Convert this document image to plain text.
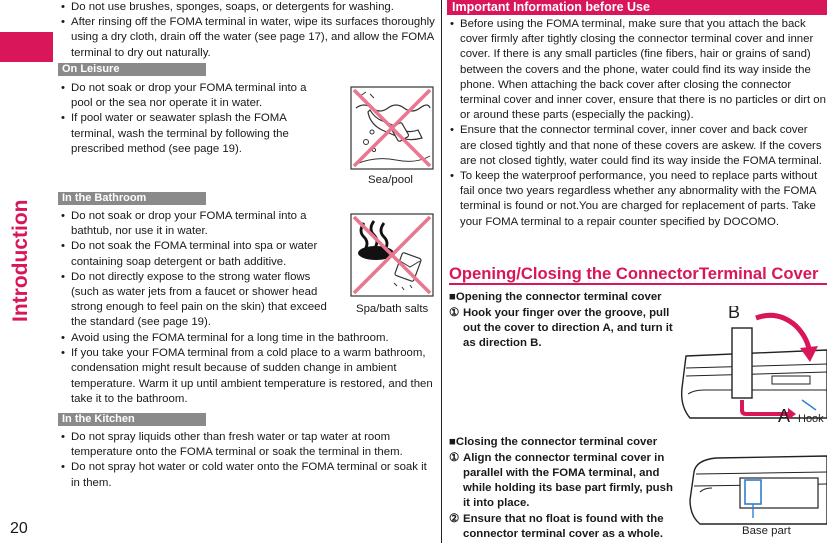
Introduction
20
• Do not use brushes, sponges, soaps, or detergents for washing.
• After rinsing off the FOMA terminal in water, wipe its surfaces thoroughly using a dry cloth, drain off the water (see page 17), and allow the FOMA terminal to dry out naturally.
On Leisure
• Do not soak or drop your FOMA terminal into a pool or the sea nor operate it in water.
• If pool water or seawater splash the FOMA terminal, wash the terminal by following the prescribed method (see page 19).
Sea/pool
In the Bathroom
• Do not soak or drop your FOMA terminal into a bathtub, nor use it in water.
• Do not soak the FOMA terminal into spa or water containing soap detergent or bath additive.
• Do not directly expose to the strong water flows (such as water jets from a faucet or shower head strong enough to feel pain on the skin) that exceed the standard (see page 19).
• Avoid using the FOMA terminal for a long time in the bathroom.
• If you take your FOMA terminal from a cold place to a warm bathroom, condensation might result because of sudden change in ambient temperature. Warm it up until ambient temperature is restored, and then take it to the bathroom.
Spa/bath salts
In the Kitchen
• Do not spray liquids other than fresh water or tap water at room temperature onto the FOMA terminal or soak the terminal in them.
• Do not spray hot water or cold water onto the FOMA terminal or soak it in them.
Important Information before Use
• Before using the FOMA terminal, make sure that you attach the back cover firmly after tightly closing the connector terminal cover and inner cover. If there is any small particles (fine fibers, hair or grains of sand) between the covers and the phone, water could find its way inside the phone. When attaching the back cover after closing the connector terminal cover and inner cover, ensure that there is no particles or dirt on or around these parts (especially the packing).
• Ensure that the connector terminal cover, inner cover and back cover are closed tightly and that none of these covers are askew. If the covers are not closed tightly, water could find its way inside the FOMA terminal.
• To keep the waterproof performance, you need to replace parts without fail once two years regardless whether any abnormality with the FOMA terminal is found or not.You are charged for replacement of parts. Take your FOMA terminal to a repair counter specified by DOCOMO.
Opening/Closing the ConnectorTerminal Cover
■Opening the connector terminal cover
① Hook your finger over the groove, pull out the cover to direction A, and turn it as direction B.
B
A Hook
■Closing the connector terminal cover
① Align the connector terminal cover in parallel with the FOMA terminal, and while holding its base part firmly, push it into place.
② Ensure that no float is found with the connector terminal cover as a whole.	Base part
